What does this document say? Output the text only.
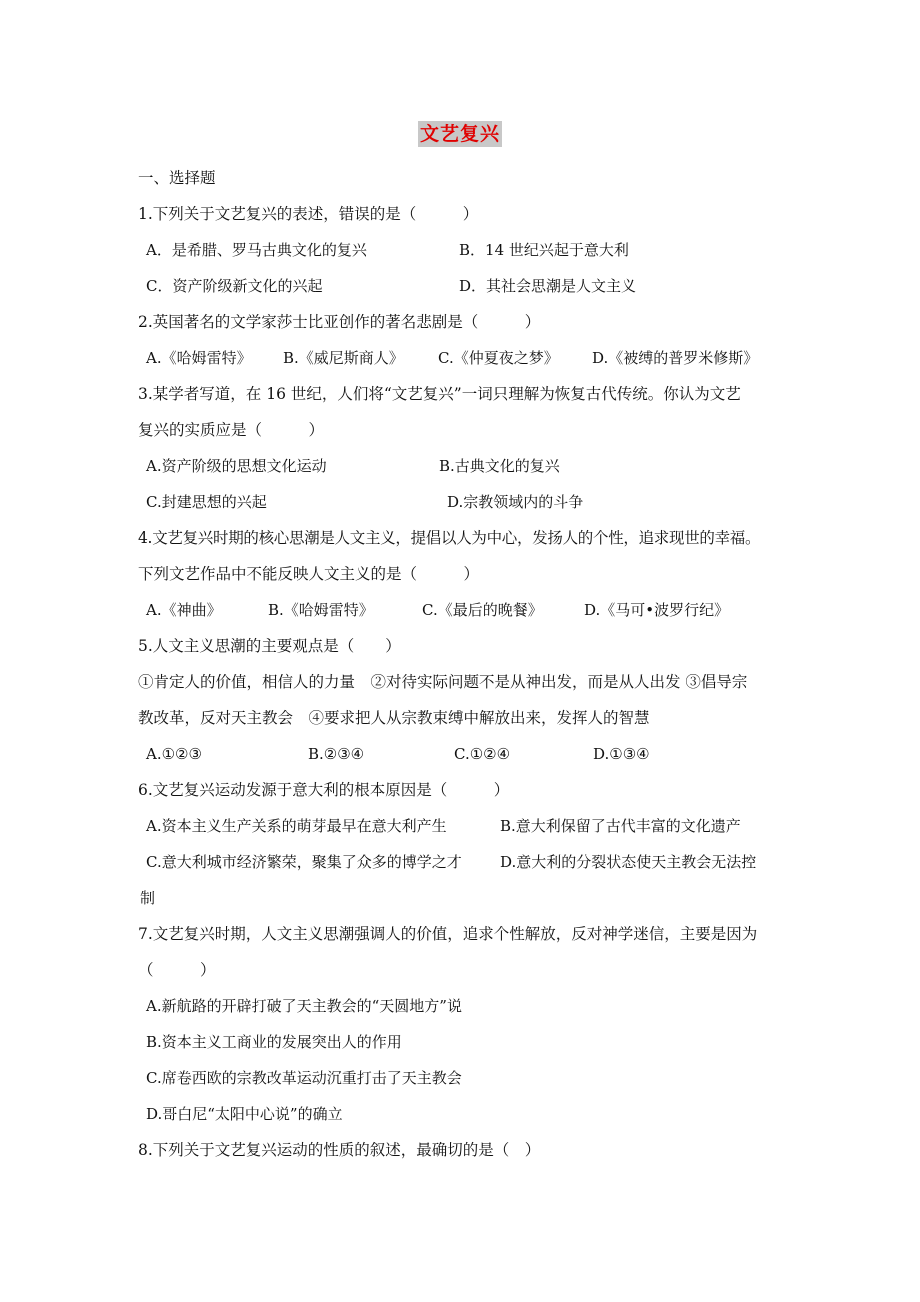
文艺复兴
一、选择题
1.下列关于文艺复兴的表述，错误的是（　　　）
A．是希腊、罗马古典文化的复兴	B．14 世纪兴起于意大利
C．资产阶级新文化的兴起	D．其社会思潮是人文主义
2.英国著名的文学家莎士比亚创作的著名悲剧是（　　　）
A.《哈姆雷特》 B.《威尼斯商人》 C.《仲夏夜之梦》 D.《被缚的普罗米修斯》
3.某学者写道，在 16 世纪，人们将“文艺复兴”一词只理解为恢复古代传统。你认为文艺
复兴的实质应是（　　　）
A.资产阶级的思想文化运动	B.古典文化的复兴
C.封建思想的兴起	D.宗教领域内的斗争
4.文艺复兴时期的核心思潮是人文主义，提倡以人为中心，发扬人的个性，追求现世的幸福。
下列文艺作品中不能反映人文主义的是（　　　）
A.《神曲》	B.《哈姆雷特》	C.《最后的晚餐》	D.《马可•波罗行纪》
5.人文主义思潮的主要观点是（　　）
①肯定人的价值，相信人的力量　②对待实际问题不是从神出发，而是从人出发 ③倡导宗
教改革，反对天主教会　④要求把人从宗教束缚中解放出来，发挥人的智慧
A.①②③	B.②③④	C.①②④	D.①③④
6.文艺复兴运动发源于意大利的根本原因是（　　　）
A.资本主义生产关系的萌芽最早在意大利产生	B.意大利保留了古代丰富的文化遗产
C.意大利城市经济繁荣，聚集了众多的博学之才	D.意大利的分裂状态使天主教会无法控
制
7.文艺复兴时期，人文主义思潮强调人的价值，追求个性解放，反对神学迷信，主要是因为
（　　　）
A.新航路的开辟打破了天主教会的“天圆地方”说
B.资本主义工商业的发展突出人的作用
C.席卷西欧的宗教改革运动沉重打击了天主教会
D.哥白尼“太阳中心说”的确立
8.下列关于文艺复兴运动的性质的叙述，最确切的是（　）
